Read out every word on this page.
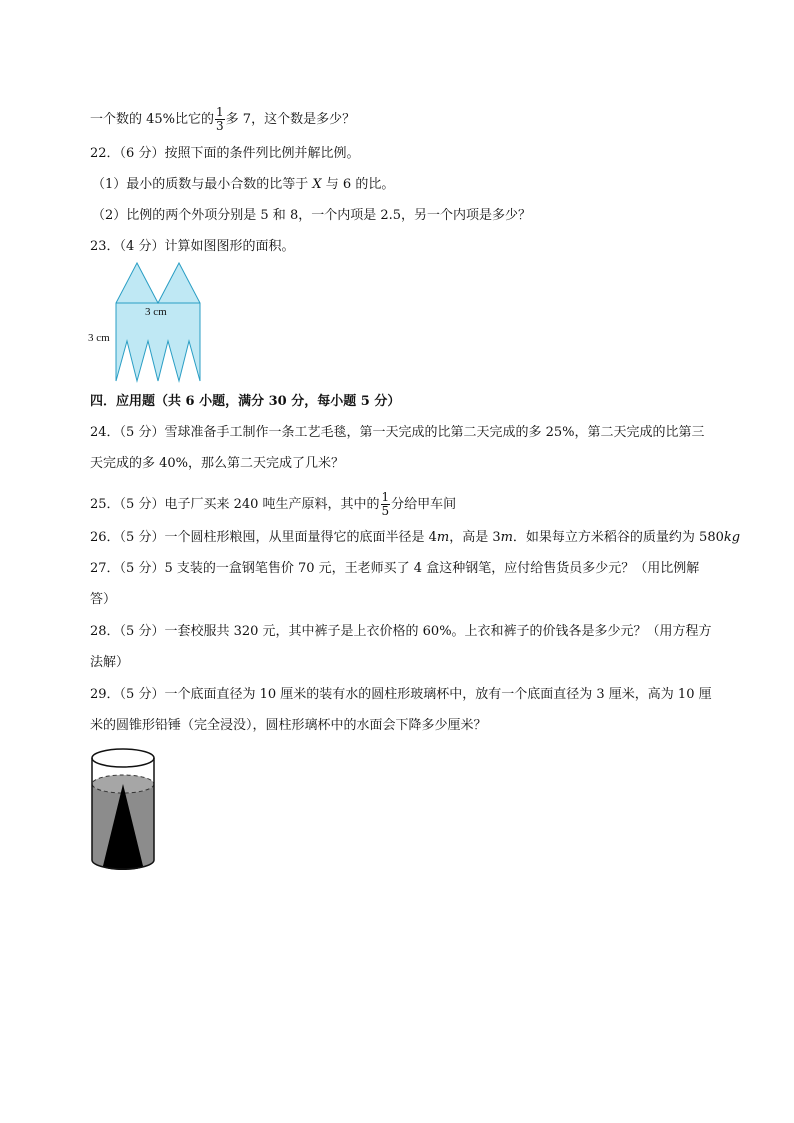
一个数的 45%比它的 $\frac{1}{3}$ 多 7，这个数是多少？
22．（6 分）按照下面的条件列比例并解比例。
（1）最小的质数与最小合数的比等于 X 与 6 的比。
（2）比例的两个外项分别是 5 和 8，一个内项是 2.5，另一个内项是多少？
23．（4 分）计算如图图形的面积。
3 cm
3 cm
四．应用题（共 6 小题，满分 30 分，每小题 5 分）
24．（5 分）雪球准备手工制作一条工艺毛毯，第一天完成的比第二天完成的多 25%，第二天完成的比第三
天完成的多 40%，那么第二天完成了几米？
25．（5 分）电子厂买来 240 吨生产原料，其中的 $\frac{1}{5}$ 分给甲车间
26．（5 分）一个圆柱形粮囤，从里面量得它的底面半径是 4m，高是 3m．如果每立方米稻谷的质量约为 580kg
27．（5 分）5 支装的一盒钢笔售价 70 元，王老师买了 4 盒这种钢笔，应付给售货员多少元？（用比例解
答）
28．（5 分）一套校服共 320 元，其中裤子是上衣价格的 60%。上衣和裤子的价钱各是多少元？（用方程方
法解）
29．（5 分）一个底面直径为 10 厘米的装有水的圆柱形玻璃杯中，放有一个底面直径为 3 厘米，高为 10 厘
米的圆锥形铅锤（完全浸没），圆柱形璃杯中的水面会下降多少厘米？
